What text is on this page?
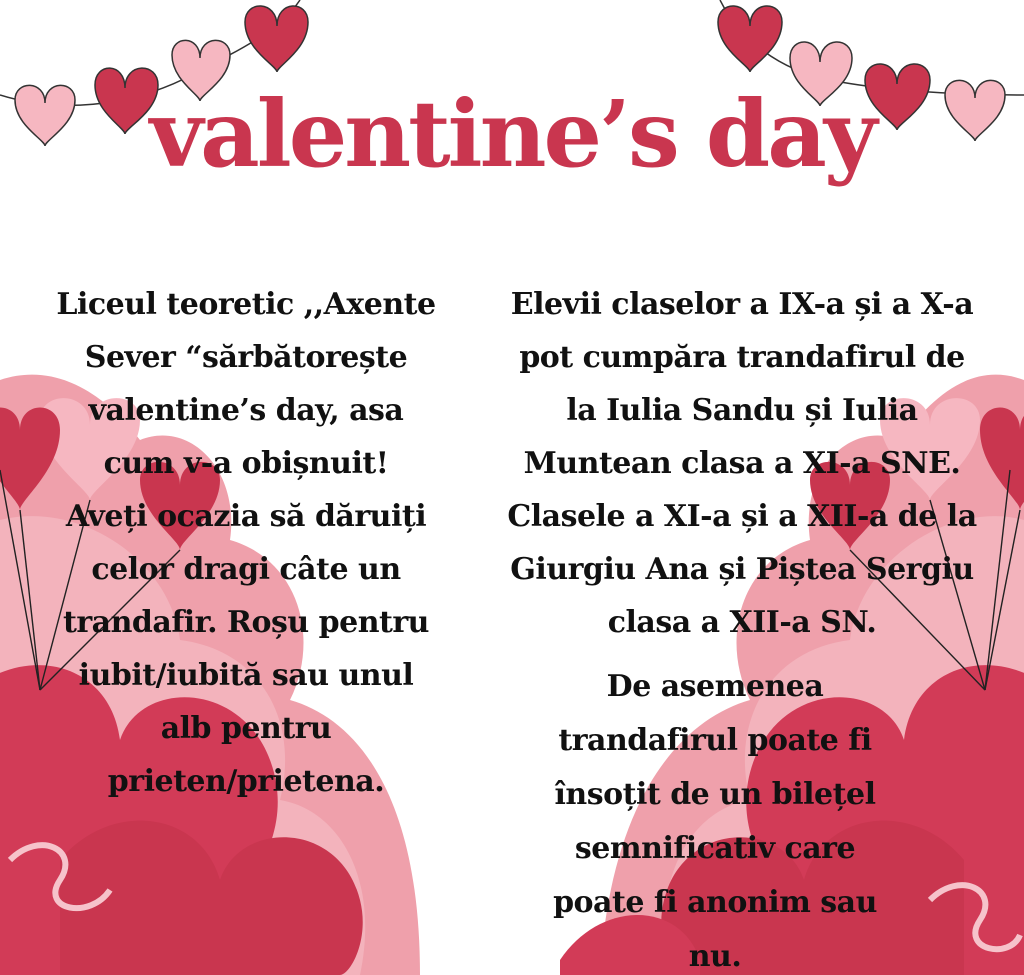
valentine’s day
Liceul teoretic ,,Axente
Sever “sărbătorește
valentine’s day, asa
cum v-a obișnuit!
Aveți ocazia să dăruiți
celor dragi câte un
trandafir. Roșu pentru
iubit/iubită sau unul
alb pentru
prieten/prietena.
Elevii claselor a IX-a și a X-a
pot cumpăra trandafirul de
la Iulia Sandu și Iulia
Muntean clasa a XI-a SNE.
Clasele a XI-a și a XII-a de la
Giurgiu Ana și Piștea Sergiu
clasa a XII-a SN.
De asemenea
trandafirul poate fi
însoțit de un bilețel
semnificativ care
poate fi anonim sau
nu.
